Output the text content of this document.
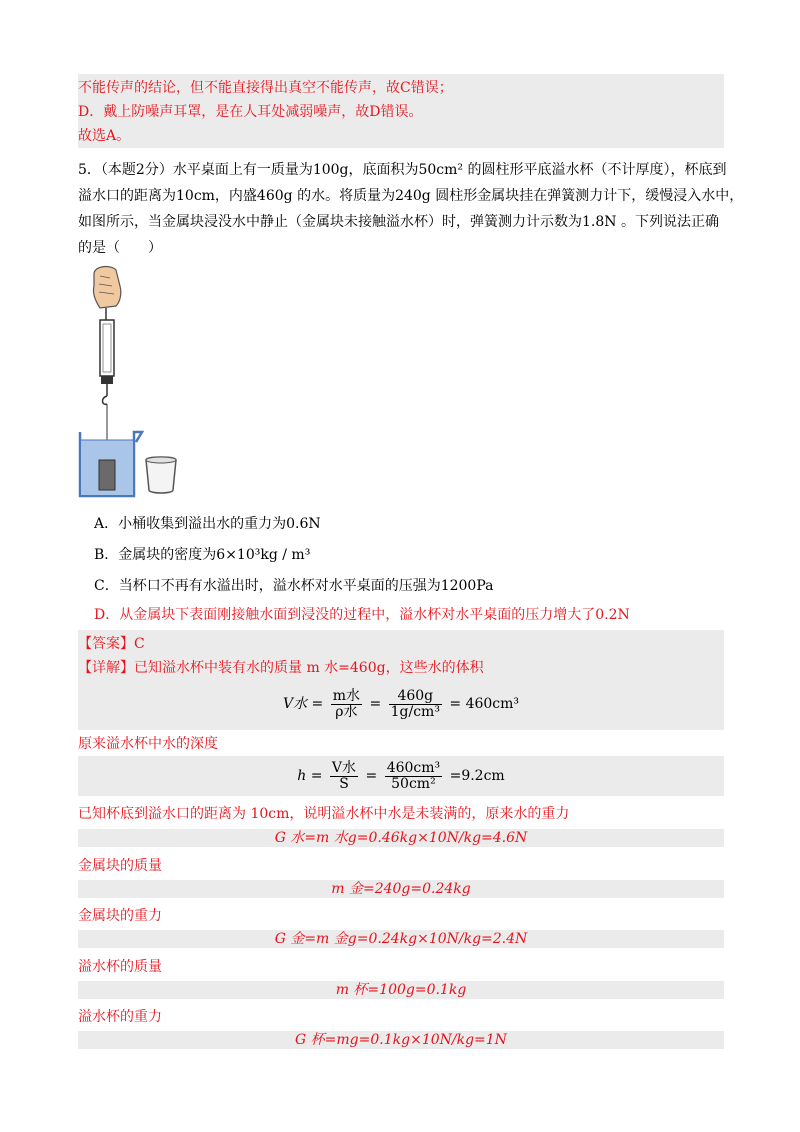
不能传声的结论，但不能直接得出真空不能传声，故C错误；
D．戴上防噪声耳罩，是在人耳处减弱噪声，故D错误。
故选A。
5．（本题2分）水平桌面上有一质量为100g，底面积为50cm² 的圆柱形平底溢水杯（不计厚度），杯底到
溢水口的距离为10cm，内盛460g 的水。将质量为240g 圆柱形金属块挂在弹簧测力计下，缓慢浸入水中，
如图所示，当金属块浸没水中静止（金属块未接触溢水杯）时，弹簧测力计示数为1.8N 。下列说法正确
的是（　　）
A．小桶收集到溢出水的重力为0.6N
B．金属块的密度为6×10³kg / m³
C．当杯口不再有水溢出时，溢水杯对水平桌面的压强为1200Pa
D．从金属块下表面刚接触水面到浸没的过程中，溢水杯对水平桌面的压力增大了0.2N
【答案】C
【详解】已知溢水杯中装有水的质量 m 水=460g，这些水的体积
V水 = $\frac{\text{m水}}{\text{ρ水}} = \frac{460g}{\text{1g/cm³}} = 460cm^3$
原来溢水杯中水的深度
$h = \frac{\text{V水}}{S} = \frac{\text{460cm³}}{\text{50cm²}} =9.2cm$
已知杯底到溢水口的距离为 10cm，说明溢水杯中水是未装满的，原来水的重力
G 水=m 水g=0.46kg×10N/kg=4.6N
金属块的质量
m 金=240g=0.24kg
金属块的重力
G 金=m 金g=0.24kg×10N/kg=2.4N
溢水杯的质量
m 杯=100g=0.1kg
溢水杯的重力
G 杯=mg=0.1kg×10N/kg=1N
